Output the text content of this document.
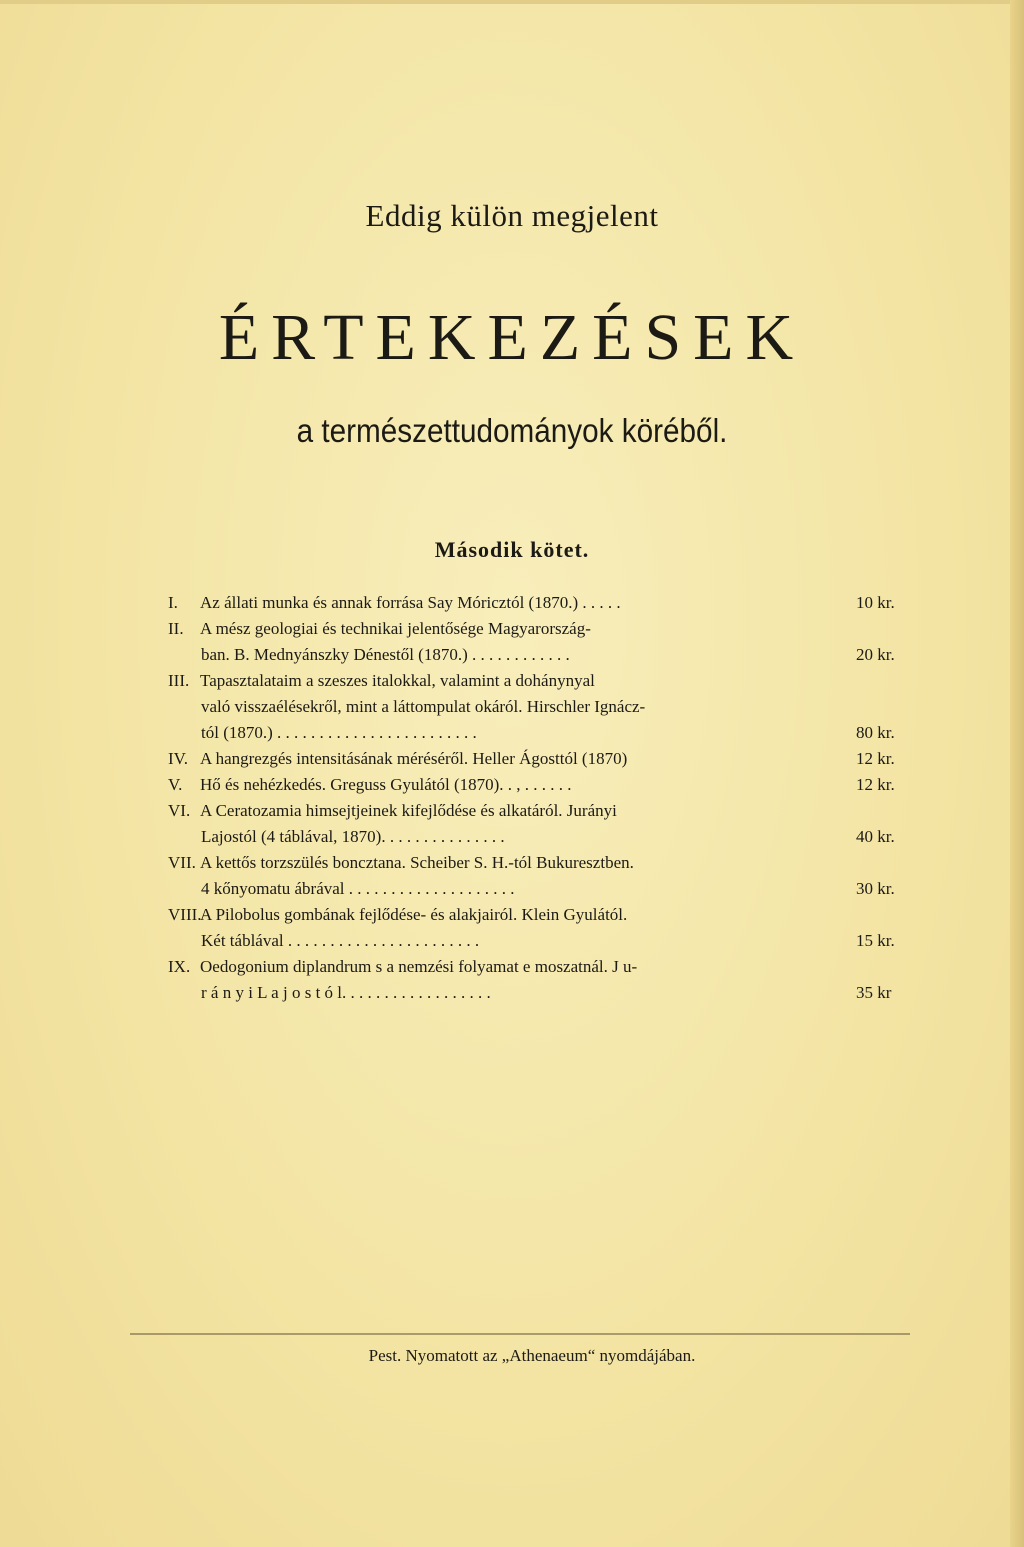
Eddig külön megjelent
ÉRTEKEZÉSEK
a természettudományok köréből.
Második kötet.
I. Az állati munka és annak forrása Say Móricztól (1870.) . . . . .	10 kr.
II. A mész geologiai és technikai jelentősége Magyarország-
ban. B. Mednyánszky Dénestől (1870.) . . . . . . . . . . . .	20 kr.
III. Tapasztalataim a szeszes italokkal, valamint a dohánynyal
való visszaélésekről, mint a láttompulat okáról. Hirschler Ignácz-
tól (1870.) . . . . . . . . . . . . . . . . . . . . . . . .	80 kr.
IV. A hangrezgés intensitásának méréséről. Heller Ágosttól (1870)	12 kr.
V. Hő és nehézkedés. Greguss Gyulától (1870). . , . . . . . .	12 kr.
VI. A Ceratozamia himsejtjeinek kifejlődése és alkatáról. Jurányi
Lajostól (4 táblával, 1870). . . . . . . . . . . . . . .	40 kr.
VII. A kettős torzszülés boncztana. Scheiber S. H.-tól Bukuresztben.
4 kőnyomatu ábrával . . . . . . . . . . . . . . . . . . . .	30 kr.
VIII.
A Pilobolus gombának fejlődése- és alakjairól. Klein Gyulától.
Két táblával . . . . . . . . . . . . . . . . . . . . . . .	15 kr.
IX. Oedogonium diplandrum s a nemzési folyamat e moszatnál. J u-
r á n y i L a j o s t ó l. . . . . . . . . . . . . . . . . .	35 kr
Pest. Nyomatott az „Athenaeum“ nyomdájában.
